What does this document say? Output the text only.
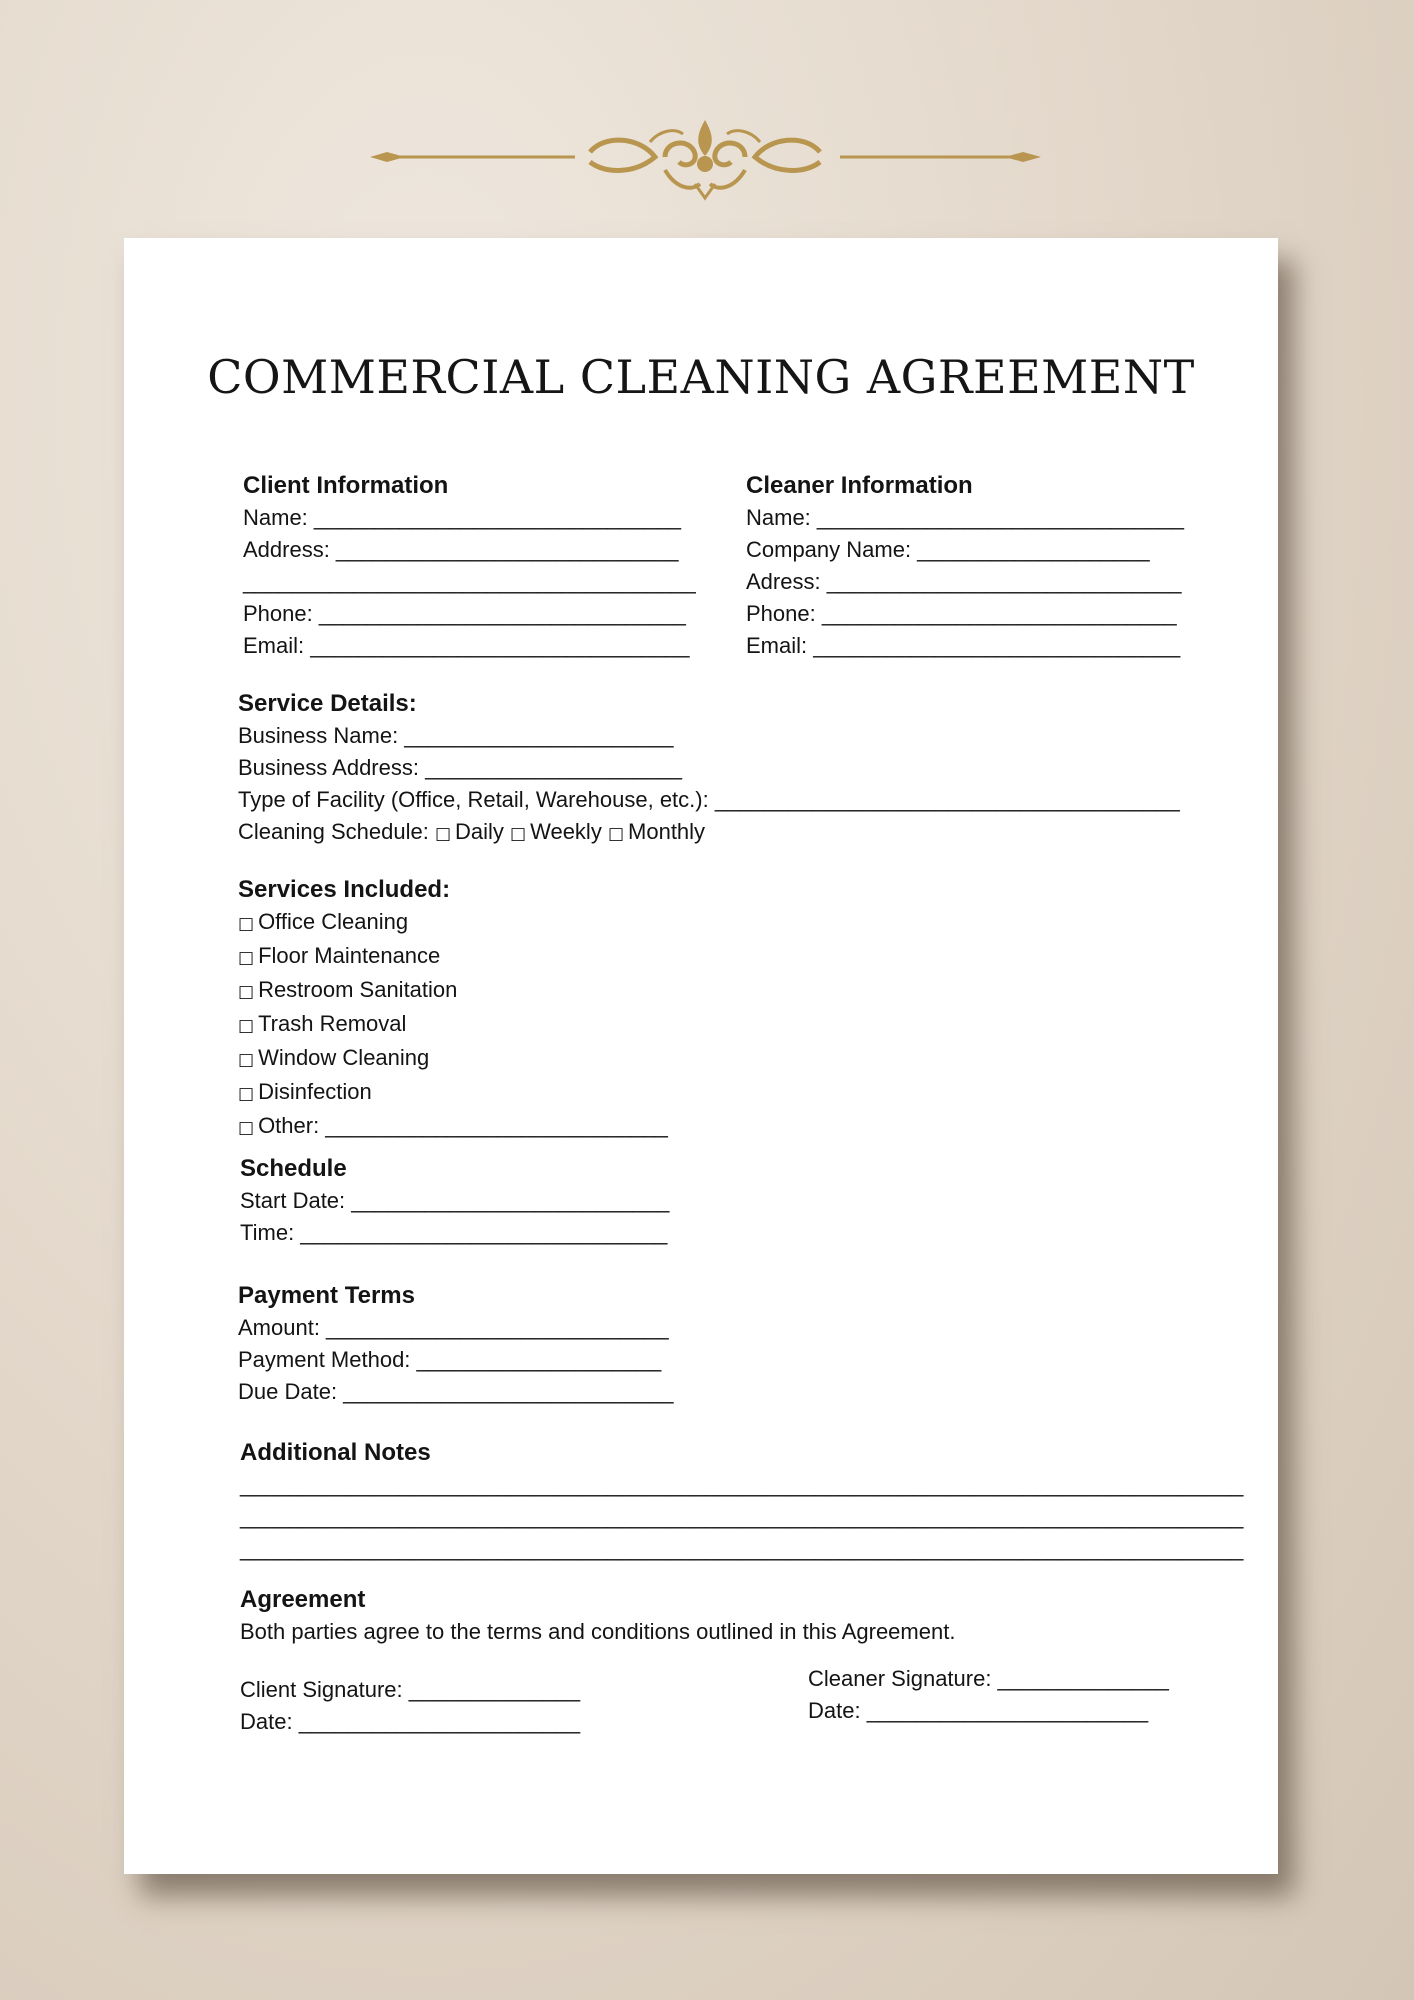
COMMERCIAL CLEANING AGREEMENT
Client Information
Name: ______________________________
Address: ____________________________
_____________________________________
Phone: ______________________________
Email: _______________________________
Cleaner Information
Name: ______________________________
Company Name: ___________________
Adress: _____________________________
Phone: _____________________________
Email: ______________________________
Service Details:
Business Name: ______________________
Business Address: _____________________
Type of Facility (Office, Retail, Warehouse, etc.): ______________________________________
Cleaning Schedule: □ Daily □ Weekly □ Monthly
Services Included:
□ Office Cleaning
□ Floor Maintenance
□ Restroom Sanitation
□ Trash Removal
□ Window Cleaning
□ Disinfection
□ Other: ____________________________
Schedule
Start Date: __________________________
Time: ______________________________
Payment Terms
Amount: ____________________________
Payment Method: ____________________
Due Date: ___________________________
Additional Notes
__________________________________________________________________________________
__________________________________________________________________________________
__________________________________________________________________________________
Agreement
Both parties agree to the terms and conditions outlined in this Agreement.
Client Signature: ______________
Date: _______________________
Cleaner Signature: ______________
Date: _______________________
